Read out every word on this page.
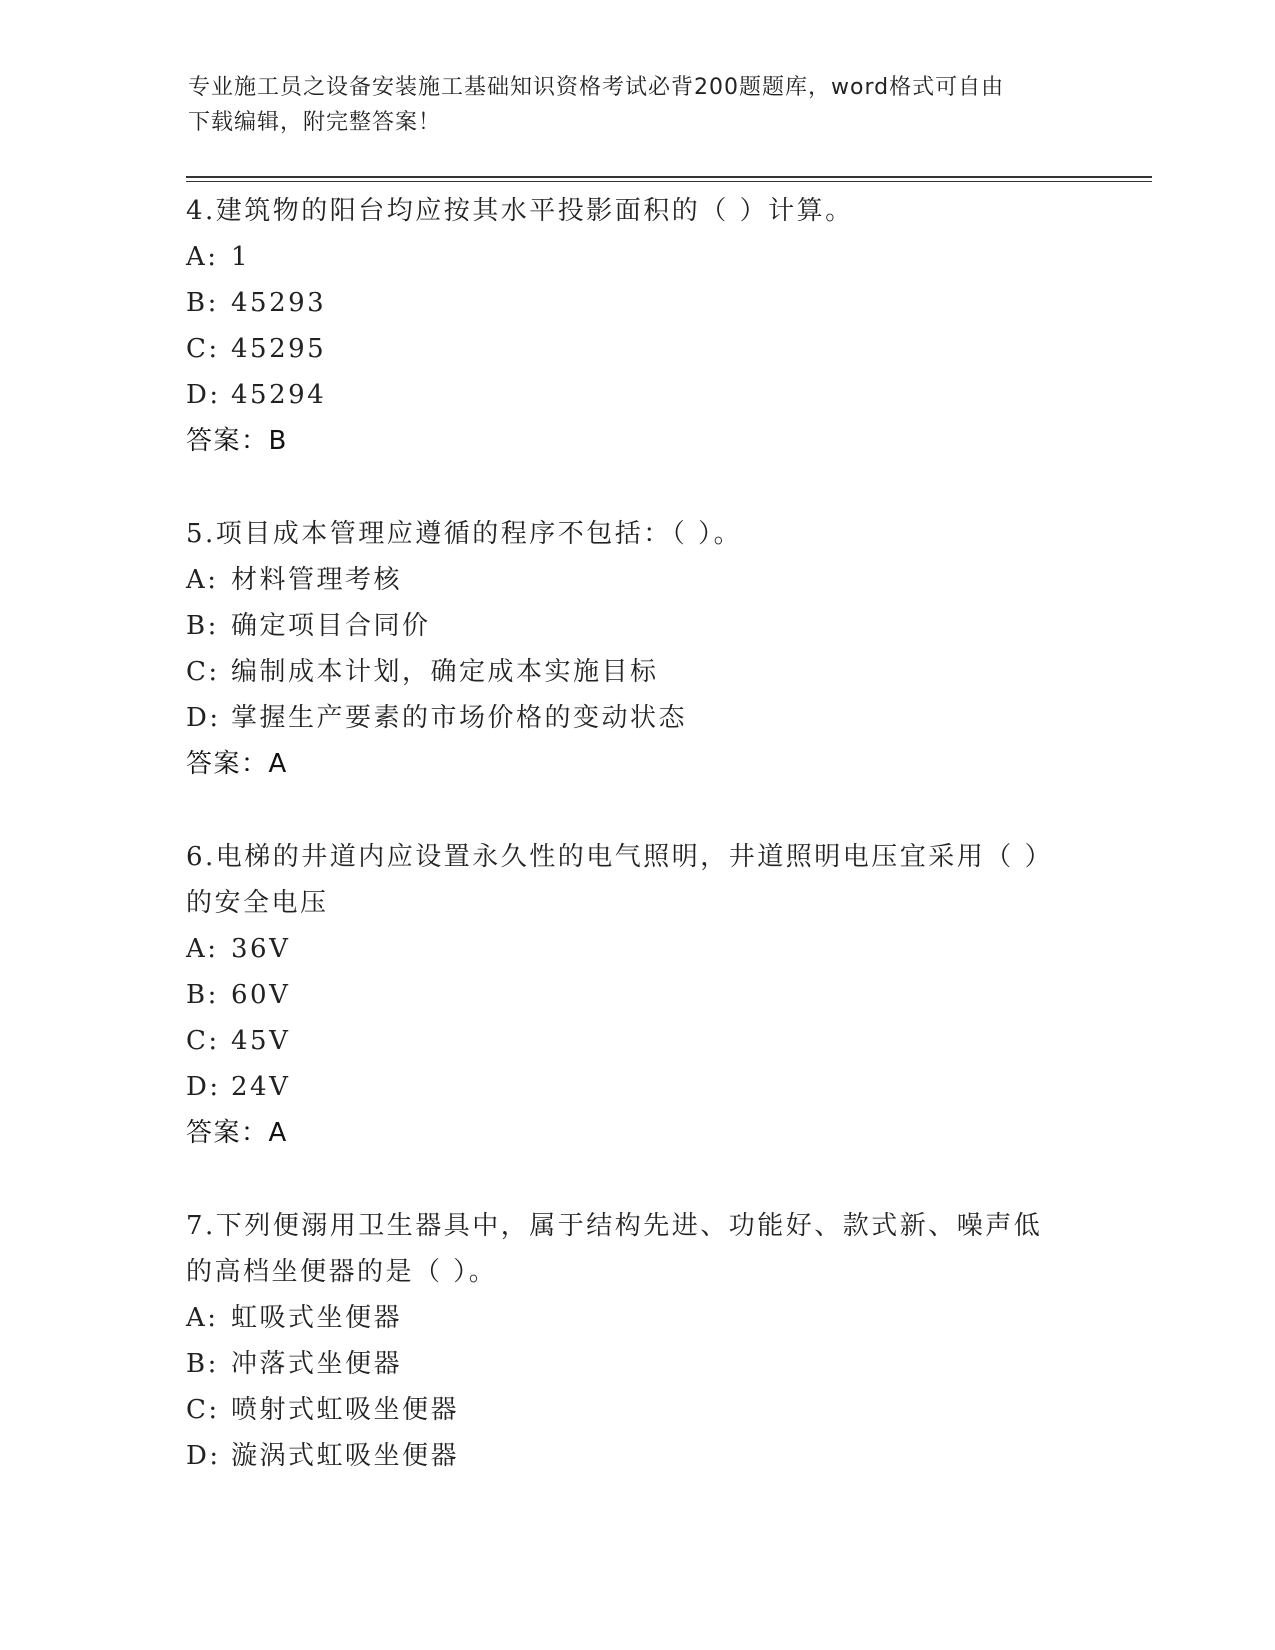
专业施工员之设备安装施工基础知识资格考试必背200题题库，word格式可自由
下载编辑，附完整答案！
4.建筑物的阳台均应按其水平投影面积的（ ）计算。
A: 1
B: 45293
C: 45295
D: 45294
答案：B
5.项目成本管理应遵循的程序不包括：（ ）。
A: 材料管理考核
B: 确定项目合同价
C: 编制成本计划，确定成本实施目标
D: 掌握生产要素的市场价格的变动状态
答案：A
6.电梯的井道内应设置永久性的电气照明，井道照明电压宜采用（ ）
的安全电压
A: 36V
B: 60V
C: 45V
D: 24V
答案：A
7.下列便溺用卫生器具中，属于结构先进、功能好、款式新、噪声低
的高档坐便器的是（ ）。
A: 虹吸式坐便器
B: 冲落式坐便器
C: 喷射式虹吸坐便器
D: 漩涡式虹吸坐便器
